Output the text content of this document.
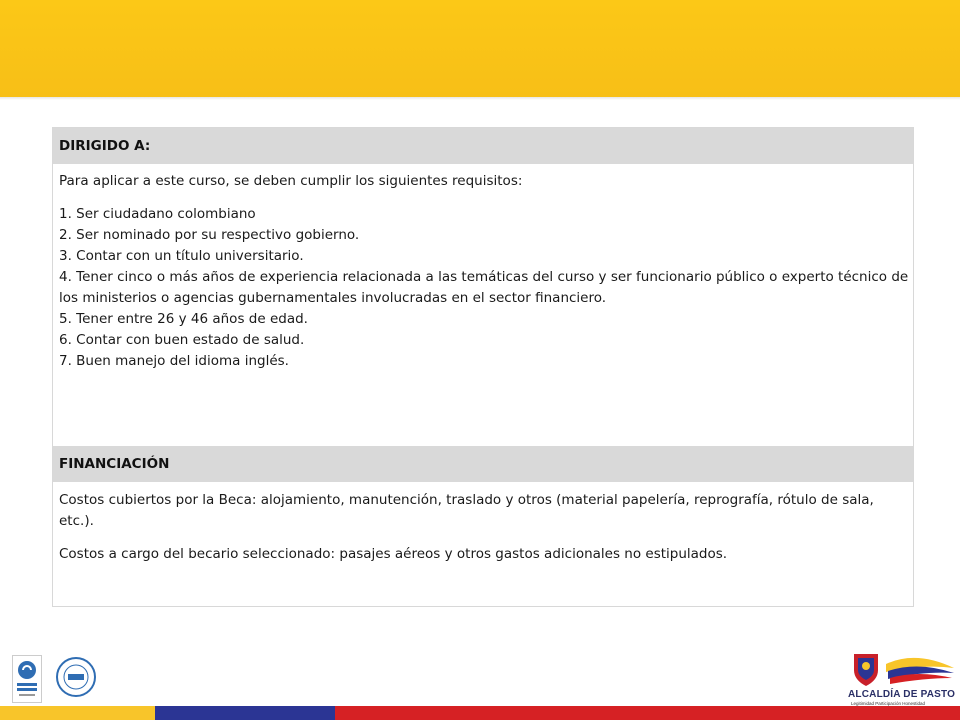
DIRIGIDO A:

Para aplicar a este curso, se deben cumplir los siguientes requisitos:

1. Ser ciudadano colombiano

2. Ser nominado por su respectivo gobierno.

3. Contar con un título universitario.

4. Tener cinco o más años de experiencia relacionada a las temáticas del curso y ser funcionario público o experto técnico de los ministerios o agencias gubernamentales involucradas en el sector financiero.

5. Tener entre 26 y 46 años de edad.

6. Contar con buen estado de salud.

7. Buen manejo del idioma inglés.

FINANCIACIÓN

Costos cubiertos por la Beca: alojamiento, manutención, traslado y otros (material papelería, reprografía, rótulo de sala, etc.).

Costos a cargo del becario seleccionado: pasajes aéreos y otros gastos adicionales no estipulados.

ALCALDÍA DE PASTO
Legitimidad Participación Honestidad
